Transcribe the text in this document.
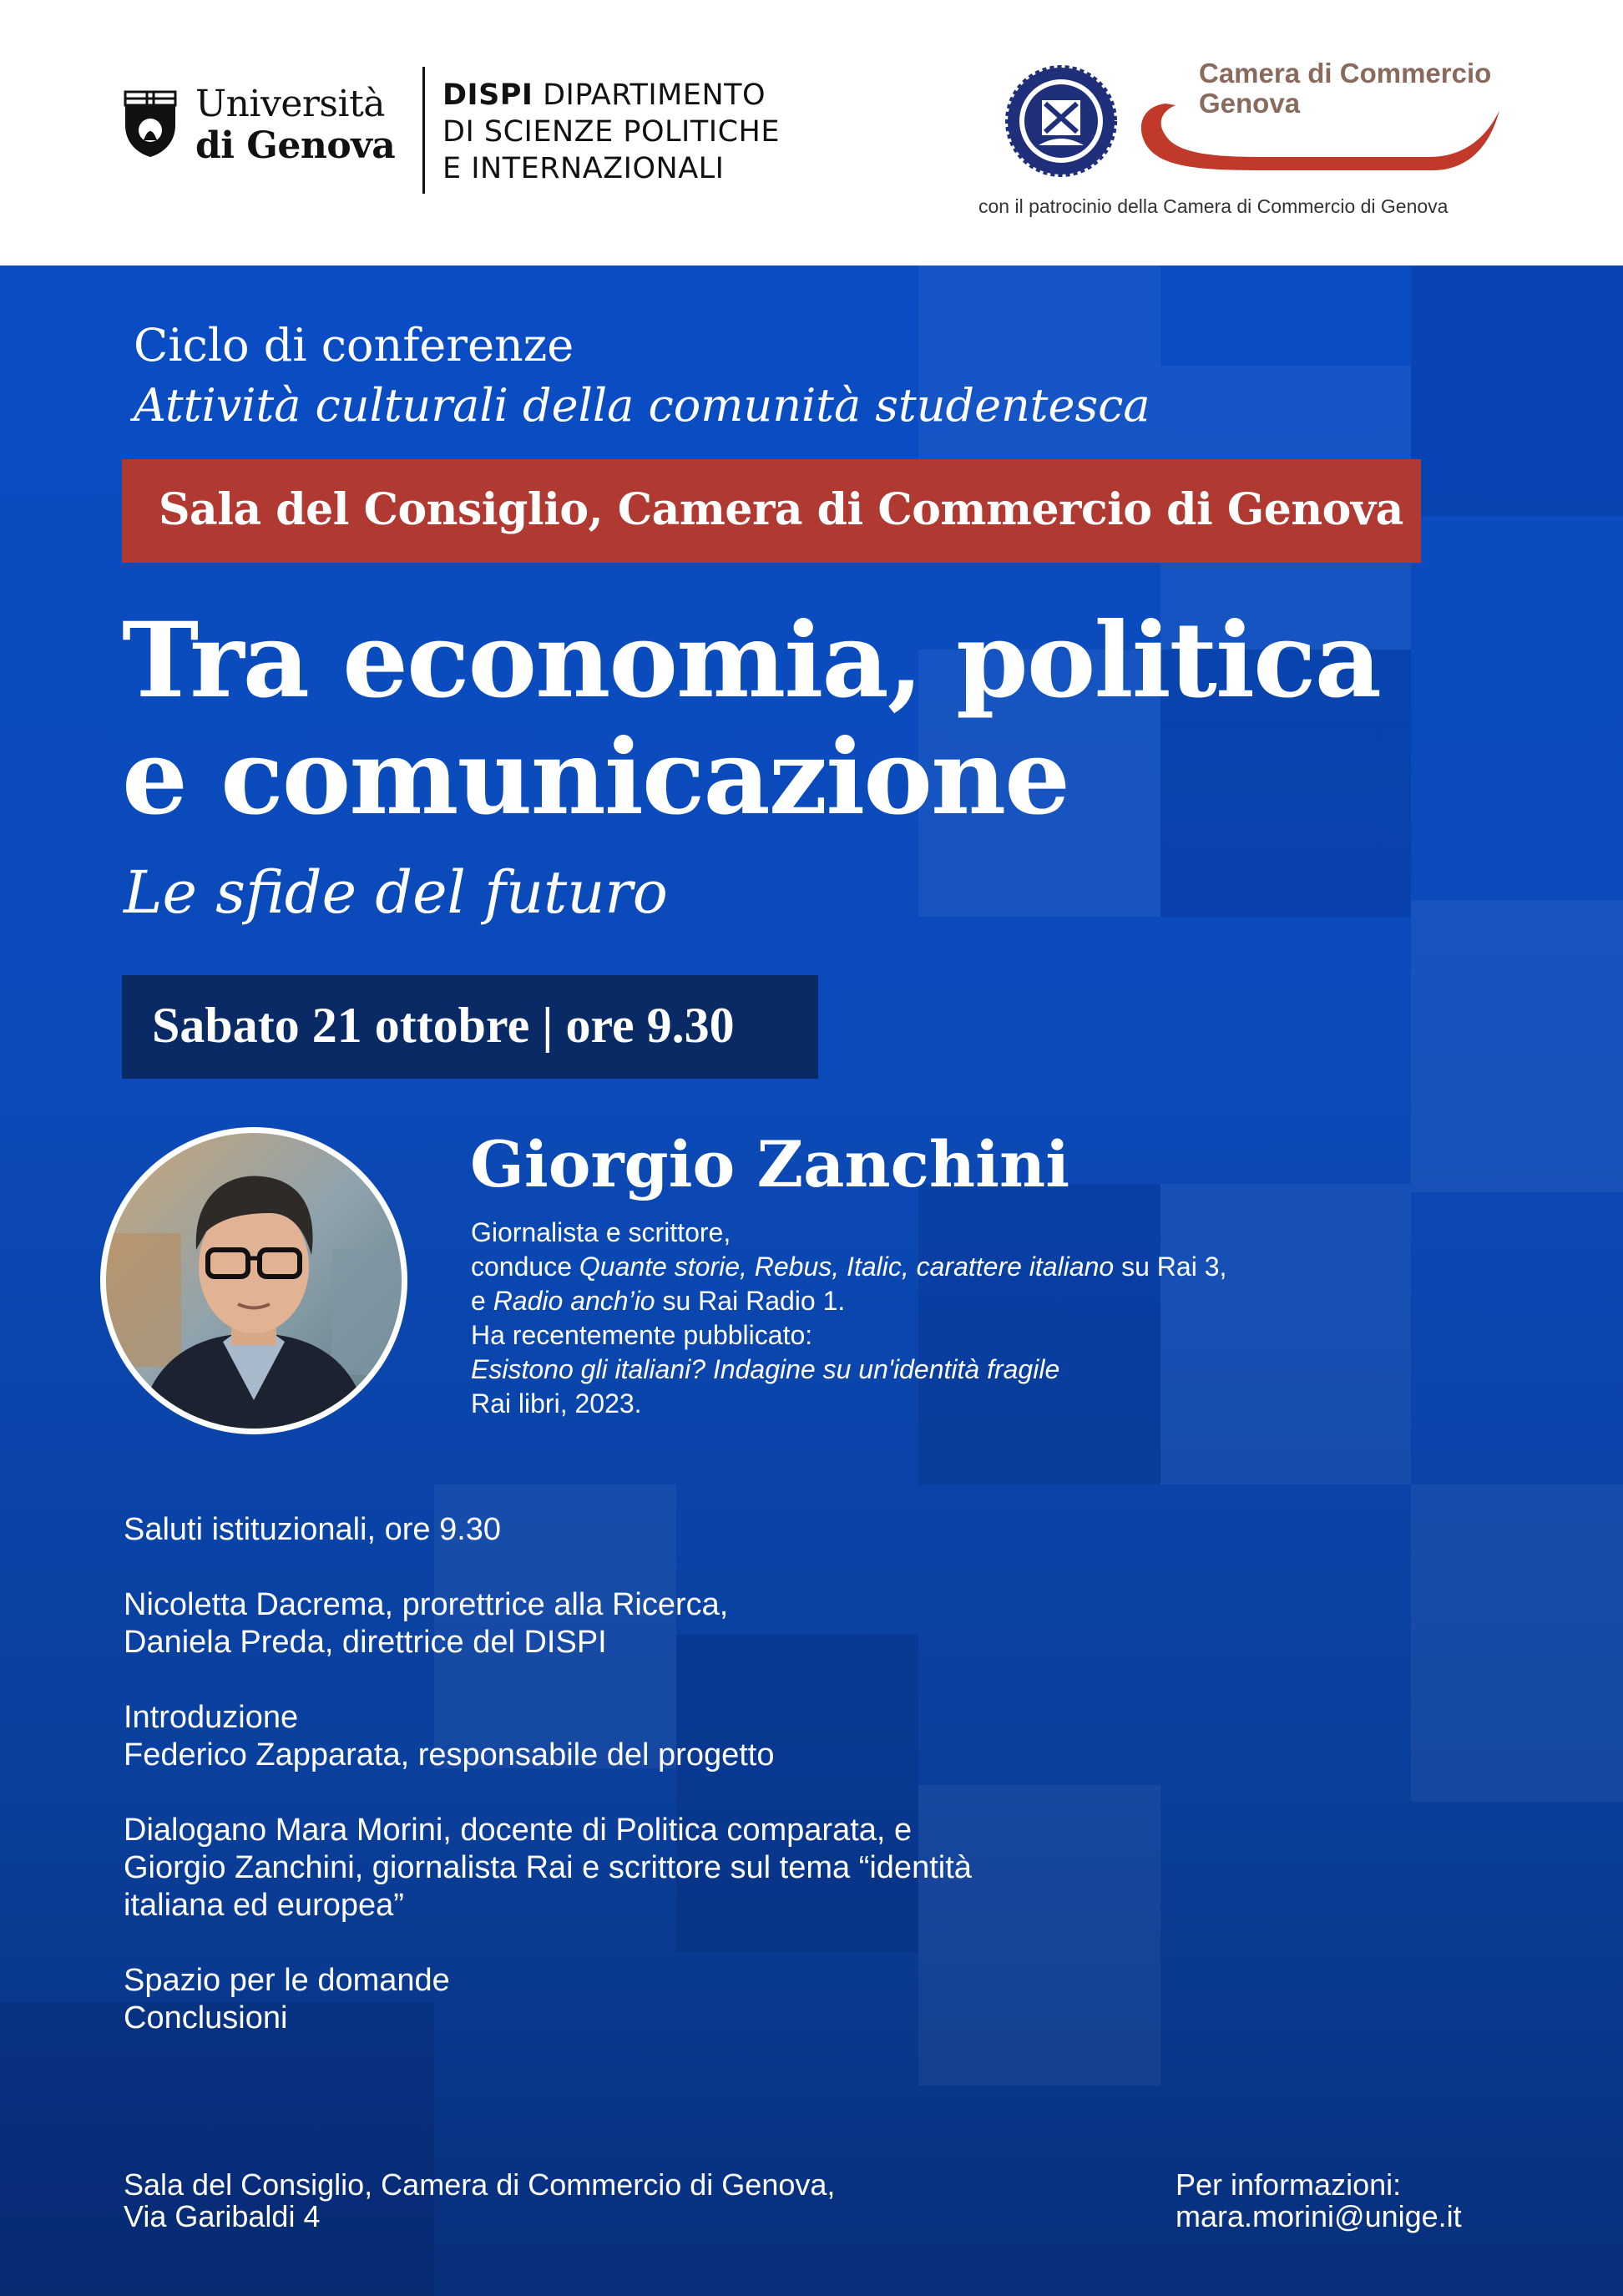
Università
di Genova
DISPI DIPARTIMENTO
DI SCIENZE POLITICHE
E INTERNAZIONALI
Camera di Commercio
Genova
con il patrocinio della Camera di Commercio di Genova
Ciclo di conferenze
Attività culturali della comunità studentesca
Sala del Consiglio, Camera di Commercio di Genova
Tra economia, politica
e comunicazione
Le sfide del futuro
Sabato 21 ottobre | ore 9.30
Giorgio Zanchini
Giornalista e scrittore,
conduce Quante storie, Rebus, Italic, carattere italiano su Rai 3,
e Radio anch’io su Rai Radio 1.
Ha recentemente pubblicato:
Esistono gli italiani? Indagine su un'identità fragile
Rai libri, 2023.

Saluti istituzionali, ore 9.30

Nicoletta Dacrema, prorettrice alla Ricerca,
Daniela Preda, direttrice del DISPI

Introduzione
Federico Zapparata, responsabile del progetto

Dialogano Mara Morini, docente di Politica comparata, e
Giorgio Zanchini, giornalista Rai e scrittore sul tema “identità
italiana ed europea”

Spazio per le domande
Conclusioni

Sala del Consiglio, Camera di Commercio di Genova,
Via Garibaldi 4
Per informazioni:
mara.morini@unige.it
